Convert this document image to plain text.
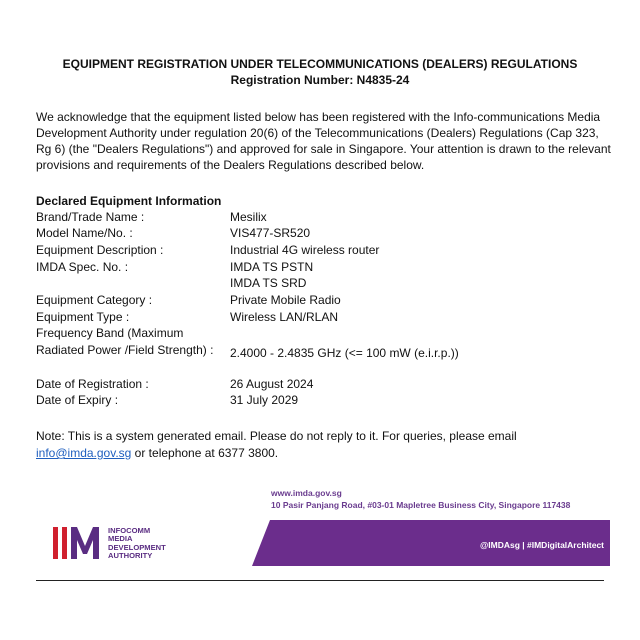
EQUIPMENT REGISTRATION UNDER TELECOMMUNICATIONS (DEALERS) REGULATIONS
Registration Number: N4835-24
We acknowledge that the equipment listed below has been registered with the Info-communications Media Development Authority under regulation 20(6) of the Telecommunications (Dealers) Regulations (Cap 323, Rg 6) (the "Dealers Regulations") and approved for sale in Singapore. Your attention is drawn to the relevant provisions and requirements of the Dealers Regulations described below.
Declared Equipment Information
Brand/Trade Name :	Mesilix
Model Name/No. :	VIS477-SR520
Equipment Description :	Industrial 4G wireless router
IMDA Spec. No. :	IMDA TS PSTN
IMDA TS SRD
Equipment Category :	Private Mobile Radio
Equipment Type :	Wireless LAN/RLAN
Frequency Band (Maximum
Radiated Power /Field Strength) : 2.4000 - 2.4835 GHz (<= 100 mW (e.i.r.p.))
Date of Registration :	26 August 2024
Date of Expiry :	31 July 2029
Note: This is a system generated email. Please do not reply to it. For queries, please email
info@imda.gov.sg or telephone at 6377 3800.
www.imda.gov.sg
10 Pasir Panjang Road, #03-01 Mapletree Business City, Singapore 117438
INFOCOMM
MEDIA
DEVELOPMENT
AUTHORITY
@IMDAsg | #IMDigitalArchitect
